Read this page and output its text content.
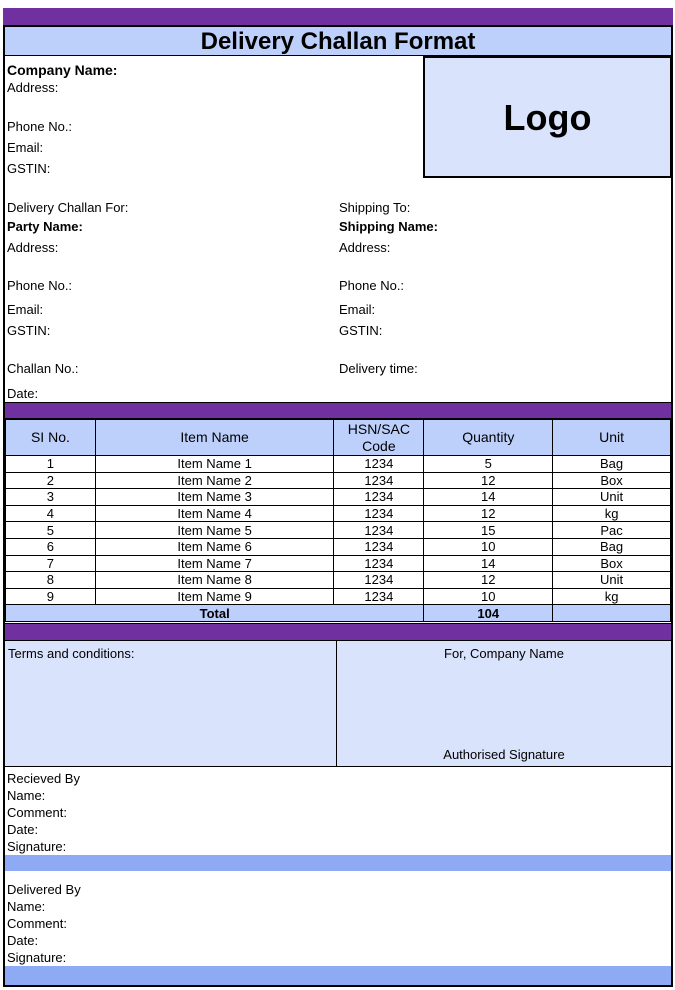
Delivery Challan Format
Logo
Company Name:
Address:
Phone No.:
Email:
GSTIN:
Delivery Challan For:
Party Name:
Address:
Phone No.:
Email:
GSTIN:
Shipping To:
Shipping Name:
Address:
Phone No.:
Email:
GSTIN:
Challan No.:	Delivery time:
Date:
SI No.	Item Name	HSN/SAC Code	Quantity	Unit
1	Item Name 1	1234	5	Bag
2	Item Name 2	1234	12	Box
3	Item Name 3	1234	14	Unit
4	Item Name 4	1234	12	kg
5	Item Name 5	1234	15	Pac
6	Item Name 6	1234	10	Bag
7	Item Name 7	1234	14	Box
8	Item Name 8	1234	12	Unit
9	Item Name 9	1234	10	kg
Total			104	
Terms and conditions:	For, Company Name
Authorised Signature
Recieved By
Name:
Comment:
Date:
Signature:
Delivered By
Name:
Comment:
Date:
Signature:
